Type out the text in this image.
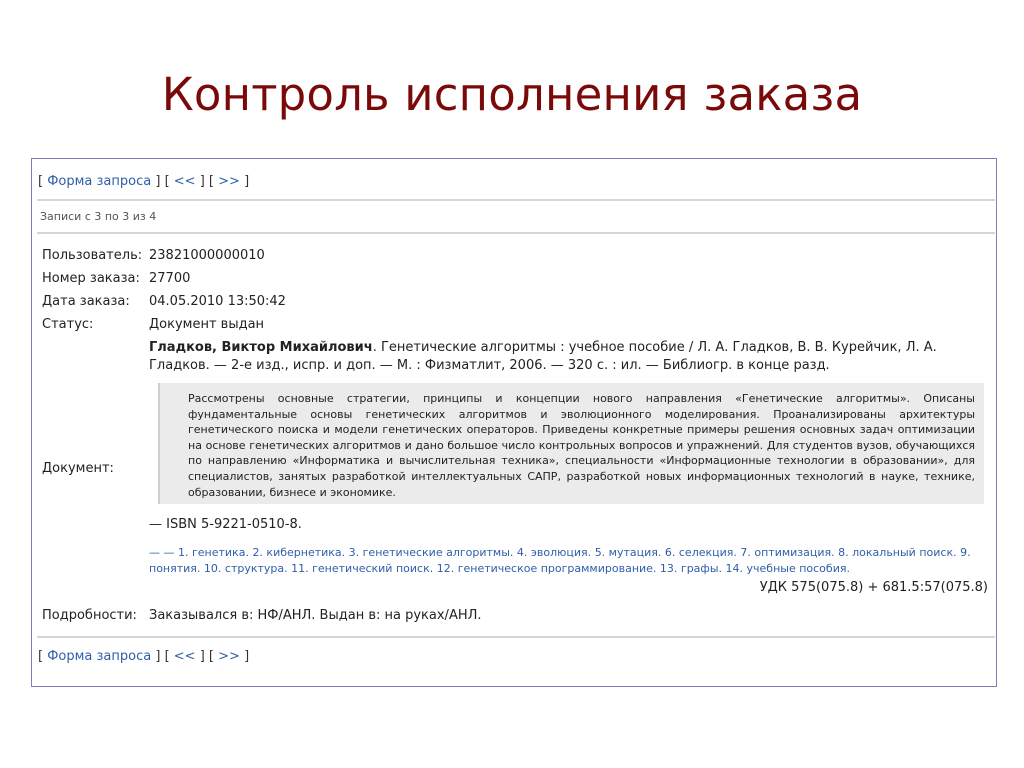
Контроль исполнения заказа
[ Форма запроса ] [ << ] [ >> ]
Записи с 3 по 3 из 4
Пользователь: 23821000000010
Номер заказа: 27700
Дата заказа: 04.05.2010 13:50:42
Статус:	Документ выдан
Гладков, Виктор Михайлович. Генетические алгоритмы : учебное пособие / Л. А. Гладков, В. В. Курейчик, Л. А. Гладков. — 2-е изд., испр. и доп. — М. : Физматлит, 2006. — 320 с. : ил. — Библиогр. в конце разд.
Рассмотрены основные стратегии, принципы и концепции нового направления «Генетические алгоритмы». Описаны фундаментальные основы генетических алгоритмов и эволюционного моделирования. Проанализированы архитектуры генетического поиска и модели генетических операторов. Приведены конкретные примеры решения основных задач оптимизации на основе генетических алгоритмов и дано большое число контрольных вопросов и упражнений. Для студентов вузов, обучающихся по направлению «Информатика и вычислительная техника», специальности «Информационные технологии в образовании», для специалистов, занятых разработкой интеллектуальных САПР, разработкой новых информационных технологий в науке, технике, образовании, бизнесе и экономике.
Документ:
— ISBN 5-9221-0510-8.
— — 1. генетика. 2. кибернетика. 3. генетические алгоритмы. 4. эволюция. 5. мутация. 6. селекция. 7. оптимизация. 8. локальный поиск. 9. понятия. 10. структура. 11. генетический поиск. 12. генетическое программирование. 13. графы. 14. учебные пособия.
УДК 575(075.8) + 681.5:57(075.8)
Подробности: Заказывался в: НФ/АНЛ. Выдан в: на руках/АНЛ.
[ Форма запроса ] [ << ] [ >> ]
